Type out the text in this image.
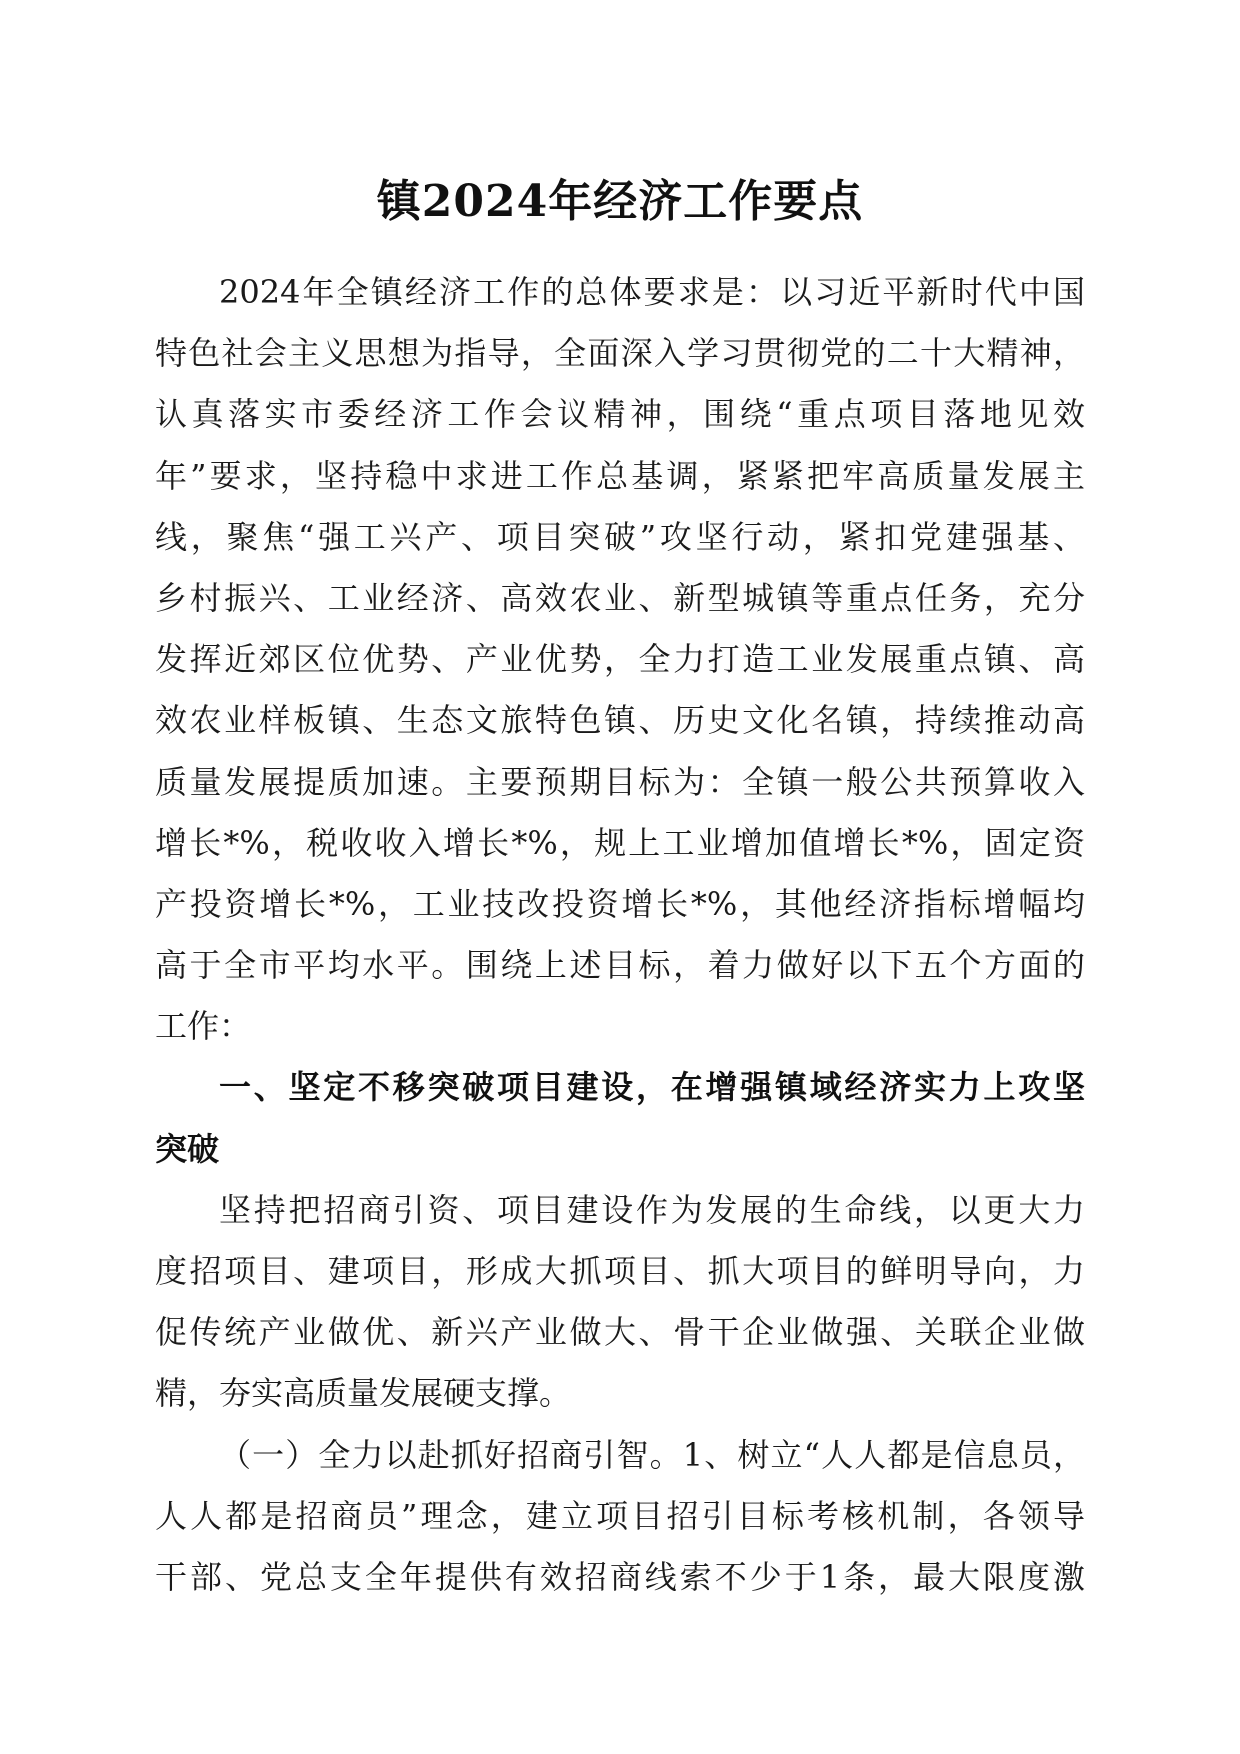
镇2024年经济工作要点
2024年全镇经济工作的总体要求是：以习近平新时代中国
特色社会主义思想为指导，全面深入学习贯彻党的二十大精神，
认真落实市委经济工作会议精神，围绕“重点项目落地见效
年”要求，坚持稳中求进工作总基调，紧紧把牢高质量发展主
线，聚焦“强工兴产、项目突破”攻坚行动，紧扣党建强基、
乡村振兴、工业经济、高效农业、新型城镇等重点任务，充分
发挥近郊区位优势、产业优势，全力打造工业发展重点镇、高
效农业样板镇、生态文旅特色镇、历史文化名镇，持续推动高
质量发展提质加速。主要预期目标为：全镇一般公共预算收入
增长*%，税收收入增长*%，规上工业增加值增长*%，固定资
产投资增长*%，工业技改投资增长*%，其他经济指标增幅均
高于全市平均水平。围绕上述目标，着力做好以下五个方面的
工作：
一、坚定不移突破项目建设，在增强镇域经济实力上攻坚
突破
坚持把招商引资、项目建设作为发展的生命线，以更大力
度招项目、建项目，形成大抓项目、抓大项目的鲜明导向，力
促传统产业做优、新兴产业做大、骨干企业做强、关联企业做
精，夯实高质量发展硬支撑。
（一）全力以赴抓好招商引智。1、树立“人人都是信息员，
人人都是招商员”理念，建立项目招引目标考核机制，各领导
干部、党总支全年提供有效招商线索不少于1条，最大限度激
